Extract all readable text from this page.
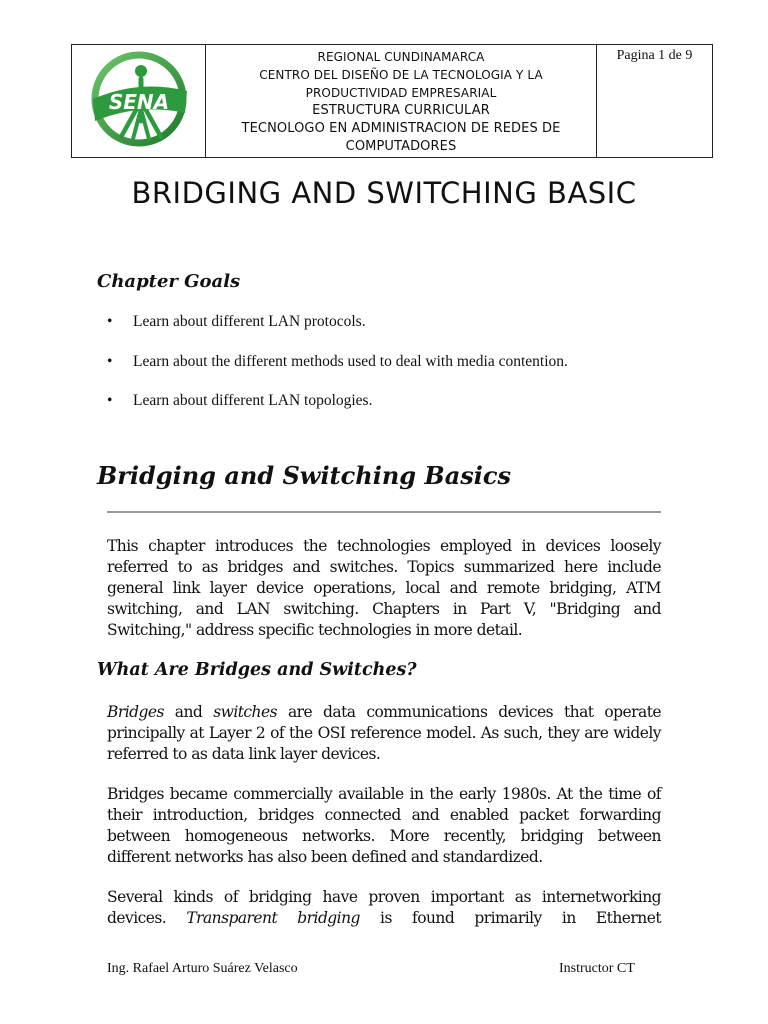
SENA

REGIONAL CUNDINAMARCA
CENTRO DEL DISEÑO DE LA TECNOLOGIA Y LA
PRODUCTIVIDAD EMPRESARIAL
ESTRUCTURA CURRICULAR
TECNOLOGO EN ADMINISTRACION DE REDES DE
COMPUTADORES
	Pagina 1 de 9
BRIDGING AND SWITCHING BASIC
Chapter Goals
• Learn about different LAN protocols.
• Learn about the different methods used to deal with media contention.
• Learn about different LAN topologies.
Bridging and Switching Basics
This chapter introduces the technologies employed in devices loosely referred to as bridges and switches. Topics summarized here include general link layer device operations, local and remote bridging, ATM switching, and LAN switching. Chapters in Part V, "Bridging and Switching," address specific technologies in more detail.
What Are Bridges and Switches?
Bridges and switches are data communications devices that operate principally at Layer 2 of the OSI reference model. As such, they are widely referred to as data link layer devices.
Bridges became commercially available in the early 1980s. At the time of their introduction, bridges connected and enabled packet forwarding between homogeneous networks. More recently, bridging between different networks has also been defined and standardized.
Several kinds of bridging have proven important as internetworking devices. Transparent bridging is found primarily in Ethernet
Ing. Rafael Arturo Suárez Velasco	Instructor CT
